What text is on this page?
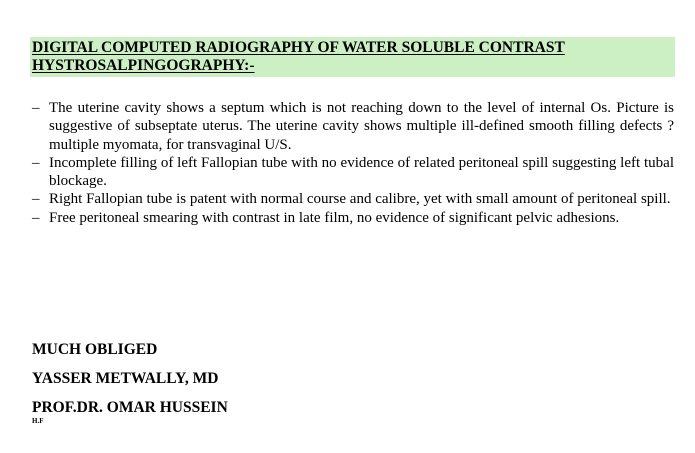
DIGITAL COMPUTED RADIOGRAPHY OF WATER SOLUBLE CONTRAST
HYSTROSALPINGOGRAPHY:-
– The uterine cavity shows a septum which is not reaching down to the level of internal Os. Picture is suggestive of subseptate uterus. The uterine cavity shows multiple ill-defined smooth filling defects ? multiple myomata, for transvaginal U/S.
– Incomplete filling of left Fallopian tube with no evidence of related peritoneal spill suggesting left tubal blockage.
– Right Fallopian tube is patent with normal course and calibre, yet with small amount of peritoneal spill.
– Free peritoneal smearing with contrast in late film, no evidence of significant pelvic adhesions.

MUCH OBLIGED

YASSER METWALLY, MD

PROF.DR. OMAR HUSSEIN

H.F
